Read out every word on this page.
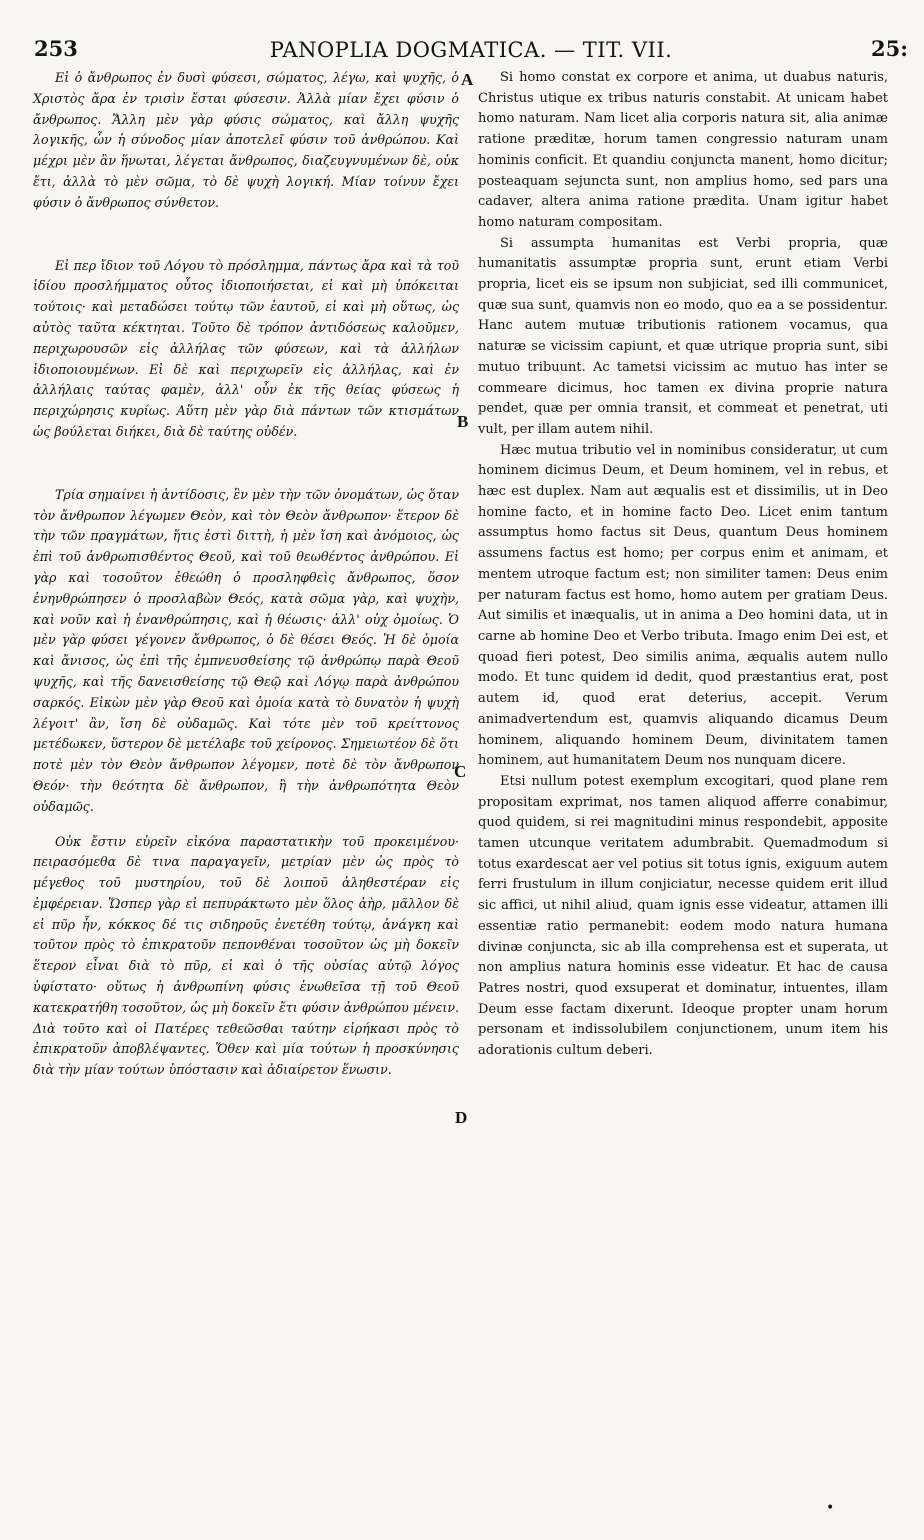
253	PANOPLIA DOGMATICA. — TIT. VII.	25:

Εἰ ὁ ἄνθρωπος ἐν δυσὶ φύσεσι, σώματος, λέγω, καὶ ψυχῆς, ὁ Χριστὸς ἄρα ἐν τρισὶν ἔσται φύσεσιν. Ἀλλὰ μίαν ἔχει φύσιν ὁ ἄνθρωπος. Ἄλλη μὲν γὰρ φύσις σώματος, καὶ ἄλλη ψυχῆς λογικῆς, ὧν ἡ σύνοδος μίαν ἀποτελεῖ φύσιν τοῦ ἀνθρώπου. Καὶ μέχρι μὲν ἂν ἥνωται, λέγεται ἄνθρωπος, διαζευγνυμένων δὲ, οὐκ ἔτι, ἀλλὰ τὸ μὲν σῶμα, τὸ δὲ ψυχὴ λογική. Μίαν τοίνυν ἔχει φύσιν ὁ ἄνθρωπος σύνθετον.

Εἰ περ ἴδιον τοῦ Λόγου τὸ πρόσλημμα, πάντως ἄρα καὶ τὰ τοῦ ἰδίου προσλήμματος οὗτος ἰδιοποιήσεται, εἰ καὶ μὴ ὑπόκειται τούτοις· καὶ μεταδώσει τούτῳ τῶν ἑαυτοῦ, εἰ καὶ μὴ οὕτως, ὡς αὐτὸς ταῦτα κέκτηται. Τοῦτο δὲ τρόπον ἀντιδόσεως καλοῦμεν, περιχωρουσῶν εἰς ἀλλήλας τῶν φύσεων, καὶ τὰ ἀλλήλων ἰδιοποιουμένων. Εἰ δὲ καὶ περιχωρεῖν εἰς ἀλλήλας, καὶ ἐν ἀλλήλαις ταύτας φαμὲν, ἀλλ' οὖν ἐκ τῆς θείας φύσεως ἡ περιχώρησις κυρίως. Αὕτη μὲν γὰρ διὰ πάντων τῶν κτισμάτων ὡς βούλεται διήκει, διὰ δὲ ταύτης οὐδέν.

Τρία σημαίνει ἡ ἀντίδοσις, ἓν μὲν τὴν τῶν ὀνομάτων, ὡς ὅταν τὸν ἄνθρωπον λέγωμεν Θεὸν, καὶ τὸν Θεὸν ἄνθρωπον· ἕτερον δὲ τὴν τῶν πραγμάτων, ἥτις ἐστὶ διττὴ, ἡ μὲν ἴση καὶ ἀνόμοιος, ὡς ἐπὶ τοῦ ἀνθρωπισθέντος Θεοῦ, καὶ τοῦ θεωθέντος ἀνθρώπου. Εἰ γὰρ καὶ τοσοῦτον ἐθεώθη ὁ προσληφθεὶς ἄνθρωπος, ὅσον ἐνηνθρώπησεν ὁ προσλαβὼν Θεός, κατὰ σῶμα γὰρ, καὶ ψυχὴν, καὶ νοῦν καὶ ἡ ἐνανθρώπησις, καὶ ἡ θέωσις· ἀλλ' οὐχ ὁμοίως. Ὁ μὲν γὰρ φύσει γέγονεν ἄνθρωπος, ὁ δὲ θέσει Θεός. Ἡ δὲ ὁμοία καὶ ἄνισος, ὡς ἐπὶ τῆς ἐμπνευσθείσης τῷ ἀνθρώπῳ παρὰ Θεοῦ ψυχῆς, καὶ τῆς δανεισθείσης τῷ Θεῷ καὶ Λόγῳ παρὰ ἀνθρώπου σαρκός. Εἰκὼν μὲν γὰρ Θεοῦ καὶ ὁμοία κατὰ τὸ δυνατὸν ἡ ψυχὴ λέγοιτ' ἂν, ἴση δὲ οὐδαμῶς. Καὶ τότε μὲν τοῦ κρείττονος μετέδωκεν, ὕστερον δὲ μετέλαβε τοῦ χείρονος. Σημειωτέον δὲ ὅτι ποτὲ μὲν τὸν Θεὸν ἄνθρωπον λέγομεν, ποτὲ δὲ τὸν ἄνθρωπον Θεόν· τὴν θεότητα δὲ ἄνθρωπον, ἢ τὴν ἀνθρωπότητα Θεὸν οὐδαμῶς.

Οὐκ ἔστιν εὑρεῖν εἰκόνα παραστατικὴν τοῦ προκειμένου· πειρασόμεθα δὲ τινα παραγαγεῖν, μετρίαν μὲν ὡς πρὸς τὸ μέγεθος τοῦ μυστηρίου, τοῦ δὲ λοιποῦ ἀληθεστέραν εἰς ἐμφέρειαν. Ὥσπερ γὰρ εἰ πεπυράκτωτο μὲν ὅλος ἀὴρ, μᾶλλον δὲ εἰ πῦρ ἦν, κόκκος δέ τις σιδηροῦς ἐνετέθη τούτῳ, ἀνάγκη καὶ τοῦτον πρὸς τὸ ἐπικρατοῦν πεπονθέναι τοσοῦτον ὡς μὴ δοκεῖν ἕτερον εἶναι διὰ τὸ πῦρ, εἰ καὶ ὁ τῆς οὐσίας αὐτῷ λόγος ὑφίστατο· οὕτως ἡ ἀνθρωπίνη φύσις ἑνωθεῖσα τῇ τοῦ Θεοῦ κατεκρατήθη τοσοῦτον, ὡς μὴ δοκεῖν ἔτι φύσιν ἀνθρώπου μένειν. Διὰ τοῦτο καὶ οἱ Πατέρες τεθεῶσθαι ταύτην εἰρήκασι πρὸς τὸ ἐπικρατοῦν ἀποβλέψαντες. Ὅθεν καὶ μία τούτων ἡ προσκύνησις διὰ τὴν μίαν τούτων ὑπόστασιν καὶ ἀδιαίρετον ἕνωσιν.

Si homo constat ex corpore et anima, ut duabus naturis, Christus utique ex tribus naturis constabit. At unicam habet homo naturam. Nam licet alia corporis natura sit, alia animæ ratione præditæ, horum tamen congressio naturam unam hominis conficit. Et quandiu conjuncta manent, homo dicitur; posteaquam sejuncta sunt, non amplius homo, sed pars una cadaver, altera anima ratione prædita. Unam igitur habet homo naturam compositam.

Si assumpta humanitas est Verbi propria, quæ humanitatis assumptæ propria sunt, erunt etiam Verbi propria, licet eis se ipsum non subjiciat, sed illi communicet, quæ sua sunt, quamvis non eo modo, quo ea a se possidentur. Hanc autem mutuæ tributionis rationem vocamus, qua naturæ se vicissim capiunt, et quæ utrique propria sunt, sibi mutuo tribuunt. Ac tametsi vicissim ac mutuo has inter se commeare dicimus, hoc tamen ex divina proprie natura pendet, quæ per omnia transit, et commeat et penetrat, uti vult, per illam autem nihil.

Hæc mutua tributio vel in nominibus consideratur, ut cum hominem dicimus Deum, et Deum hominem, vel in rebus, et hæc est duplex. Nam aut æqualis est et dissimilis, ut in Deo homine facto, et in homine facto Deo. Licet enim tantum assumptus homo factus sit Deus, quantum Deus hominem assumens factus est homo; per corpus enim et animam, et mentem utroque factum est; non similiter tamen: Deus enim per naturam factus est homo, homo autem per gratiam Deus. Aut similis et inæqualis, ut in anima a Deo homini data, ut in carne ab homine Deo et Verbo tributa. Imago enim Dei est, et quoad fieri potest, Deo similis anima, æqualis autem nullo modo. Et tunc quidem id dedit, quod præstantius erat, post autem id, quod erat deterius, accepit. Verum animadvertendum est, quamvis aliquando dicamus Deum hominem, aliquando hominem Deum, divinitatem tamen hominem, aut humanitatem Deum nos nunquam dicere.

Etsi nullum potest exemplum excogitari, quod plane rem propositam exprimat, nos tamen aliquod afferre conabimur, quod quidem, si rei magnitudini minus respondebit, apposite tamen utcunque veritatem adumbrabit. Quemadmodum si totus exardescat aer vel potius sit totus ignis, exiguum autem ferri frustulum in illum conjiciatur, necesse quidem erit illud sic affici, ut nihil aliud, quam ignis esse videatur, attamen illi essentiæ ratio permanebit: eodem modo natura humana divinæ conjuncta, sic ab illa comprehensa est et superata, ut non amplius natura hominis esse videatur. Et hac de causa Patres nostri, quod exsuperat et dominatur, intuentes, illam Deum esse factam dixerunt. Ideoque propter unam horum personam et indissolubilem conjunctionem, unum item his adorationis cultum deberi.

A
B
C
D
•
